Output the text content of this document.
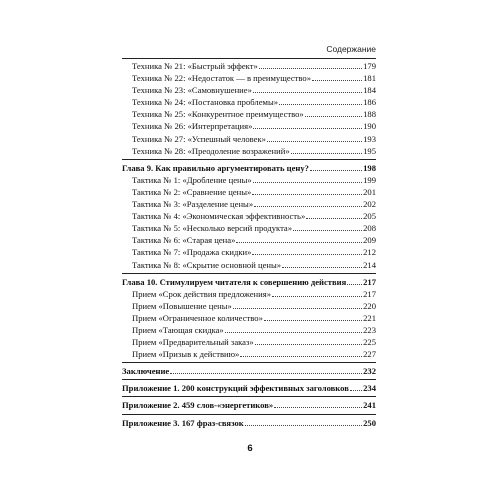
Содержание
Техника № 21: «Быстрый эффект»	179
Техника № 22: «Недостаток — в преимущество»	181
Техника № 23: «Самовнушение»	184
Техника № 24: «Постановка проблемы»	186
Техника № 25: «Конкурентное преимущество»	188
Техника № 26: «Интерпретация»	190
Техника № 27: «Успешный человек»	193
Техника № 28: «Преодоление возражений»	195
Глава 9. Как правильно аргументировать цену?	198
Тактика № 1: «Дробление цены»	199
Тактика № 2: «Сравнение цены»	201
Тактика № 3: «Разделение цены»	202
Тактика № 4: «Экономическая эффективность»	205
Тактика № 5: «Несколько версий продукта»	208
Тактика № 6: «Старая цена»	209
Тактика № 7: «Продажа скидки»	212
Тактика № 8: «Скрытие основной цены»	214
Глава 10. Стимулируем читателя к совершению действия 217
Прием «Срок действия предложения»	217
Прием «Повышение цены»	220
Прием «Ограниченное количество»	221
Прием «Тающая скидка»	223
Прием «Предварительный заказ»	225
Прием «Призыв к действию»	227
Заключение	232
Приложение 1. 200 конструкций эффективных заголовков 234
Приложение 2. 459 слов-«энергетиков»	241
Приложение 3. 167 фраз-связок	250
6
